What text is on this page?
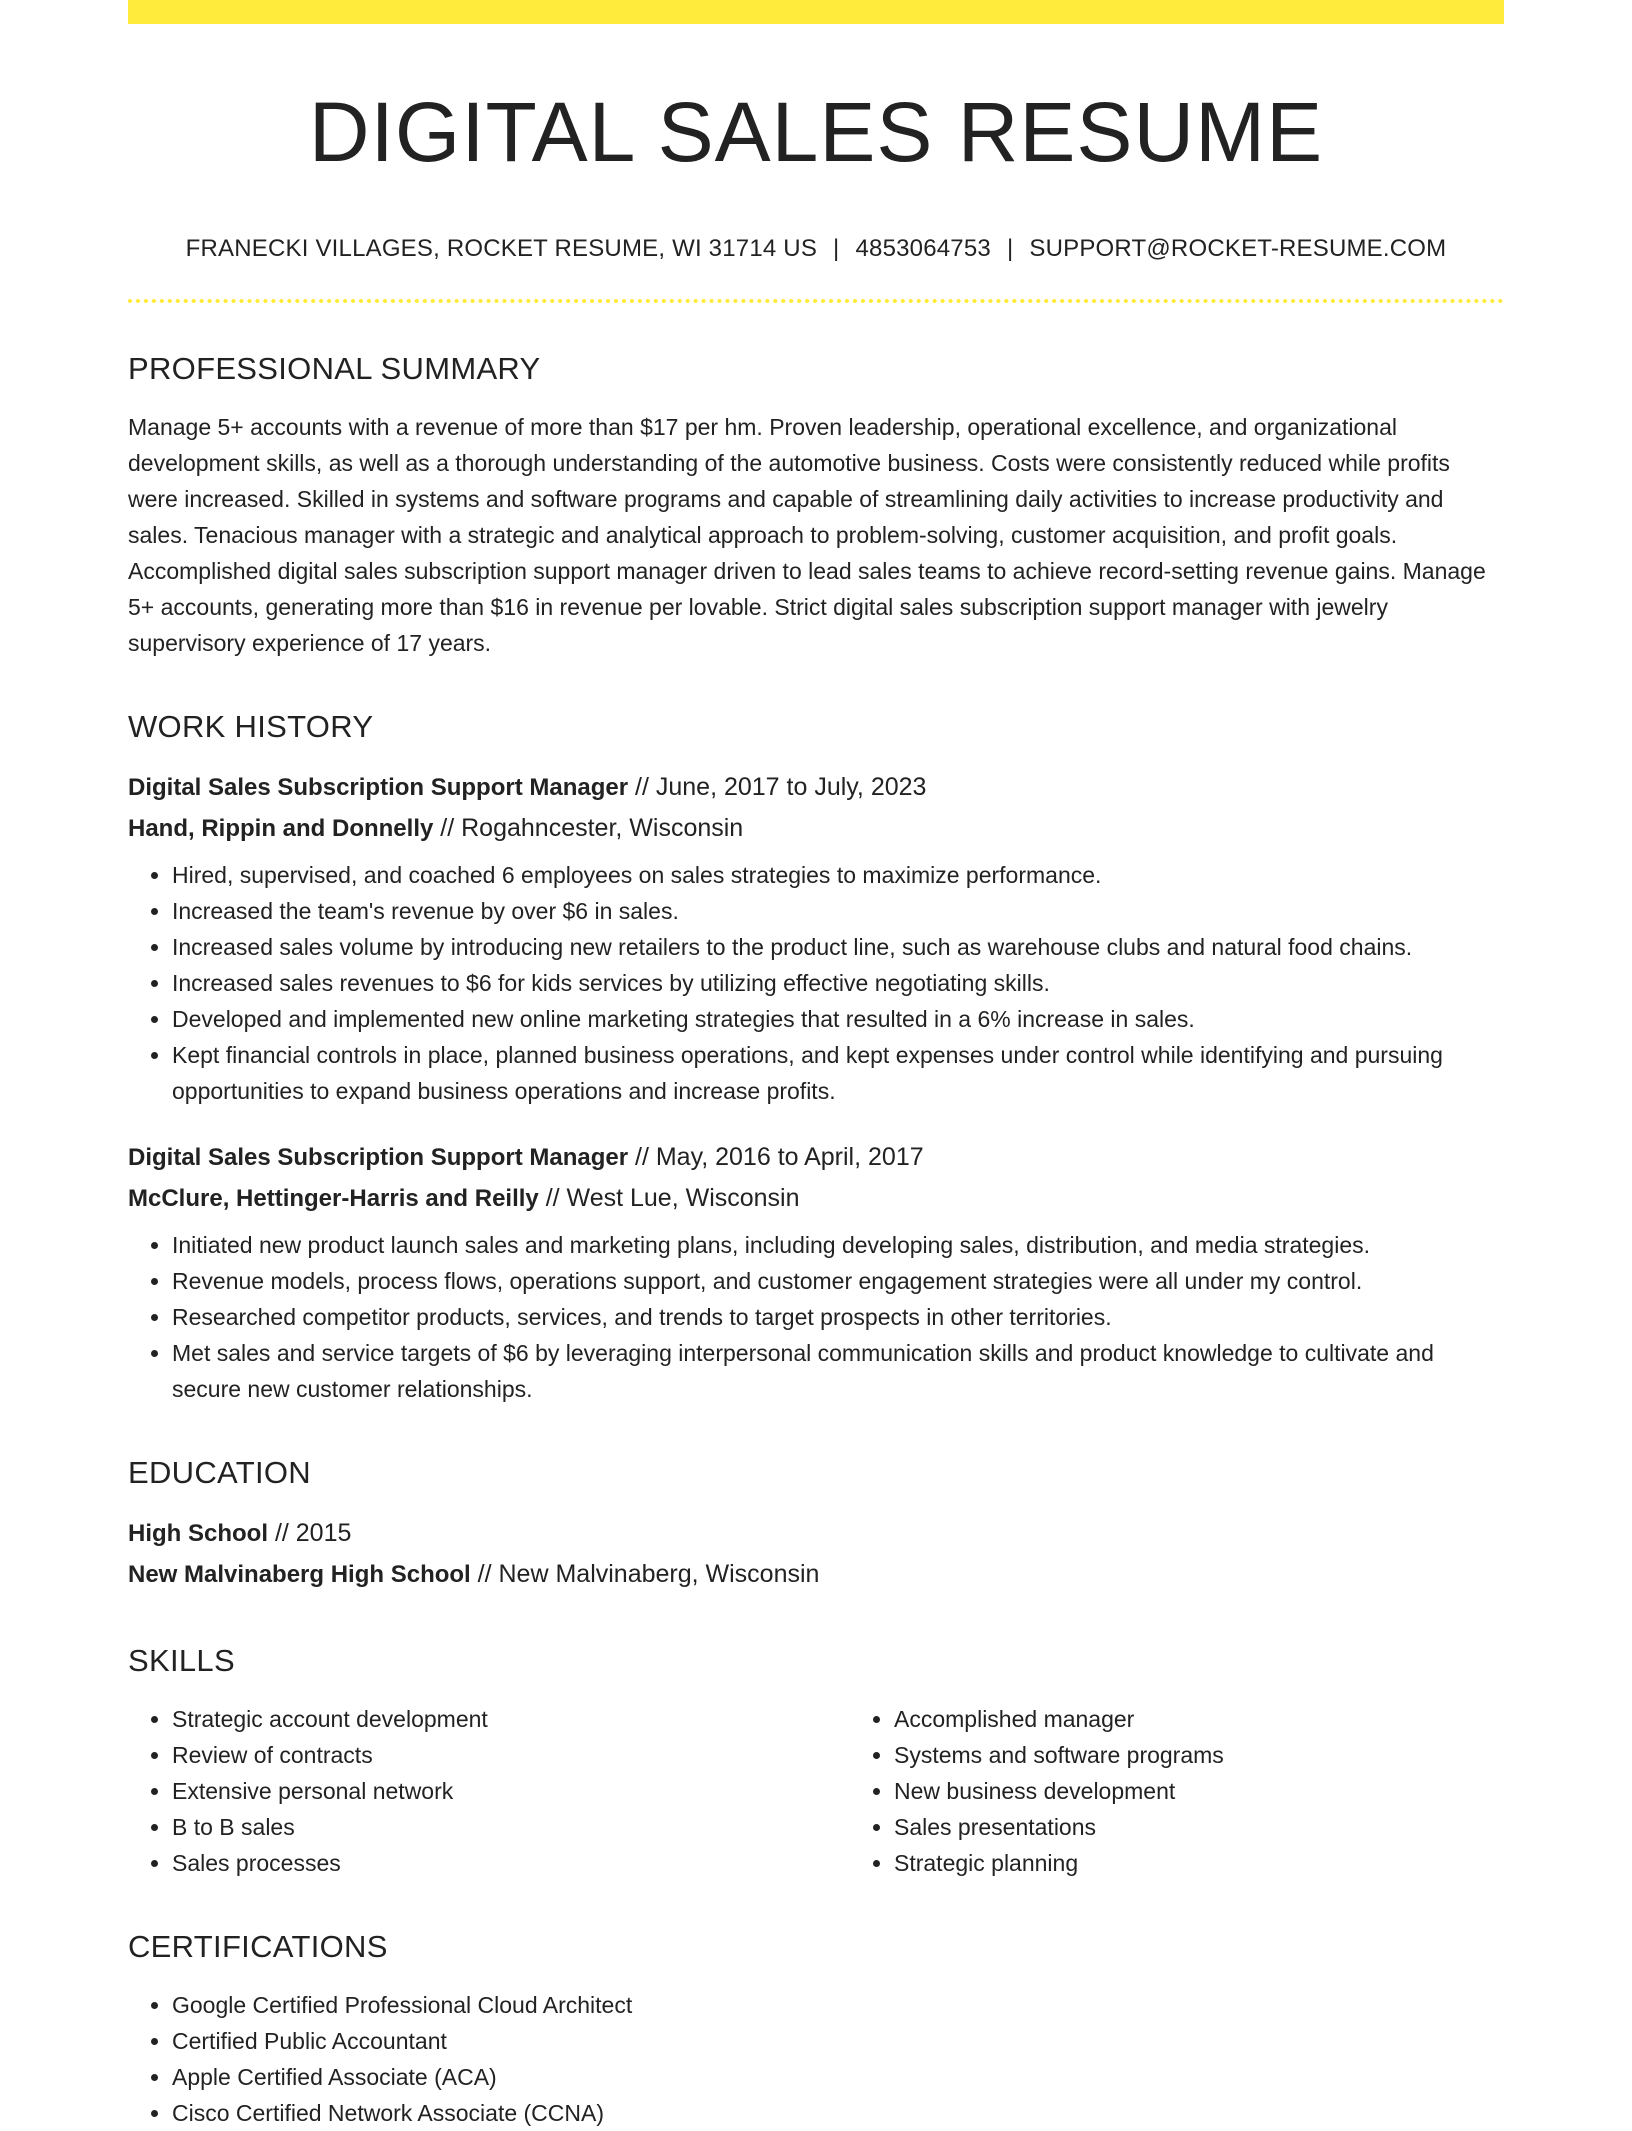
DIGITAL SALES RESUME
FRANECKI VILLAGES, ROCKET RESUME, WI 31714 US | 4853064753 | SUPPORT@ROCKET-RESUME.COM
PROFESSIONAL SUMMARY

Manage 5+ accounts with a revenue of more than $17 per hm. Proven leadership, operational excellence, and organizational development skills, as well as a thorough understanding of the automotive business. Costs were consistently reduced while profits were increased. Skilled in systems and software programs and capable of streamlining daily activities to increase productivity and sales. Tenacious manager with a strategic and analytical approach to problem-solving, customer acquisition, and profit goals. Accomplished digital sales subscription support manager driven to lead sales teams to achieve record-setting revenue gains. Manage 5+ accounts, generating more than $16 in revenue per lovable. Strict digital sales subscription support manager with jewelry supervisory experience of 17 years.

WORK HISTORY
Digital Sales Subscription Support Manager // June, 2017 to July, 2023
Hand, Rippin and Donnelly // Rogahncester, Wisconsin
• Hired, supervised, and coached 6 employees on sales strategies to maximize performance.
• Increased the team's revenue by over $6 in sales.
• Increased sales volume by introducing new retailers to the product line, such as warehouse clubs and natural food chains.
• Increased sales revenues to $6 for kids services by utilizing effective negotiating skills.
• Developed and implemented new online marketing strategies that resulted in a 6% increase in sales.
• Kept financial controls in place, planned business operations, and kept expenses under control while identifying and pursuing opportunities to expand business operations and increase profits.
Digital Sales Subscription Support Manager // May, 2016 to April, 2017
McClure, Hettinger-Harris and Reilly // West Lue, Wisconsin
• Initiated new product launch sales and marketing plans, including developing sales, distribution, and media strategies.
• Revenue models, process flows, operations support, and customer engagement strategies were all under my control.
• Researched competitor products, services, and trends to target prospects in other territories.
• Met sales and service targets of $6 by leveraging interpersonal communication skills and product knowledge to cultivate and secure new customer relationships.
EDUCATION
High School // 2015
New Malvinaberg High School // New Malvinaberg, Wisconsin
SKILLS
• Strategic account development
• Review of contracts
• Extensive personal network
• B to B sales
• Sales processes
• Accomplished manager
• Systems and software programs
• New business development
• Sales presentations
• Strategic planning
CERTIFICATIONS
• Google Certified Professional Cloud Architect
• Certified Public Accountant
• Apple Certified Associate (ACA)
• Cisco Certified Network Associate (CCNA)
